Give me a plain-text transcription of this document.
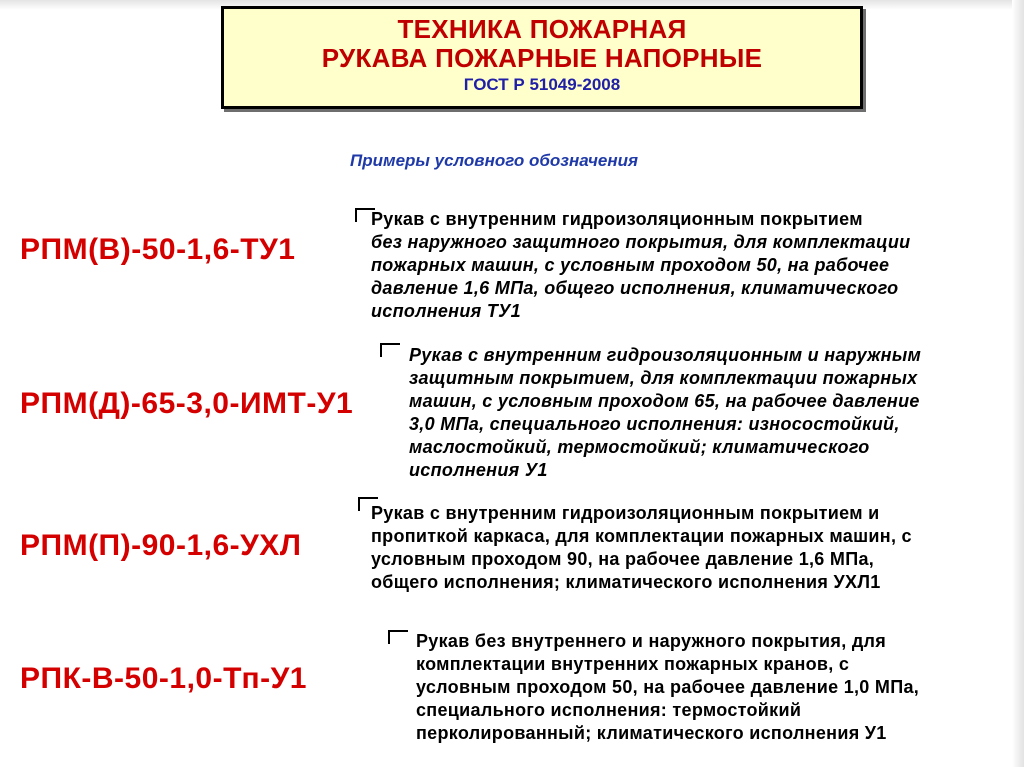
ТЕХНИКА ПОЖАРНАЯ
РУКАВА ПОЖАРНЫЕ НАПОРНЫЕ
ГОСТ Р 51049-2008
Примеры условного обозначения
РПМ(В)-50-1,6-ТУ1
Рукав с внутренним гидроизоляционным покрытием
без наружного защитного покрытия, для комплектации
пожарных машин, с условным проходом 50, на рабочее
давление 1,6 МПа, общего исполнения, климатического
исполнения ТУ1
РПМ(Д)-65-3,0-ИМТ-У1
Рукав с внутренним гидроизоляционным и наружным
защитным покрытием, для комплектации пожарных
машин, с условным проходом 65, на рабочее давление
3,0 МПа, специального исполнения: износостойкий,
маслостойкий, термостойкий; климатического
исполнения У1
РПМ(П)-90-1,6-УХЛ
Рукав с внутренним гидроизоляционным покрытием и
пропиткой каркаса, для комплектации пожарных машин, с
условным проходом 90, на рабочее давление 1,6 МПа,
общего исполнения; климатического исполнения УХЛ1
РПК-В-50-1,0-Тп-У1
Рукав без внутреннего и наружного покрытия, для
комплектации внутренних пожарных кранов, с
условным проходом 50, на рабочее давление 1,0 МПа,
специального исполнения: термостойкий
перколированный; климатического исполнения У1
